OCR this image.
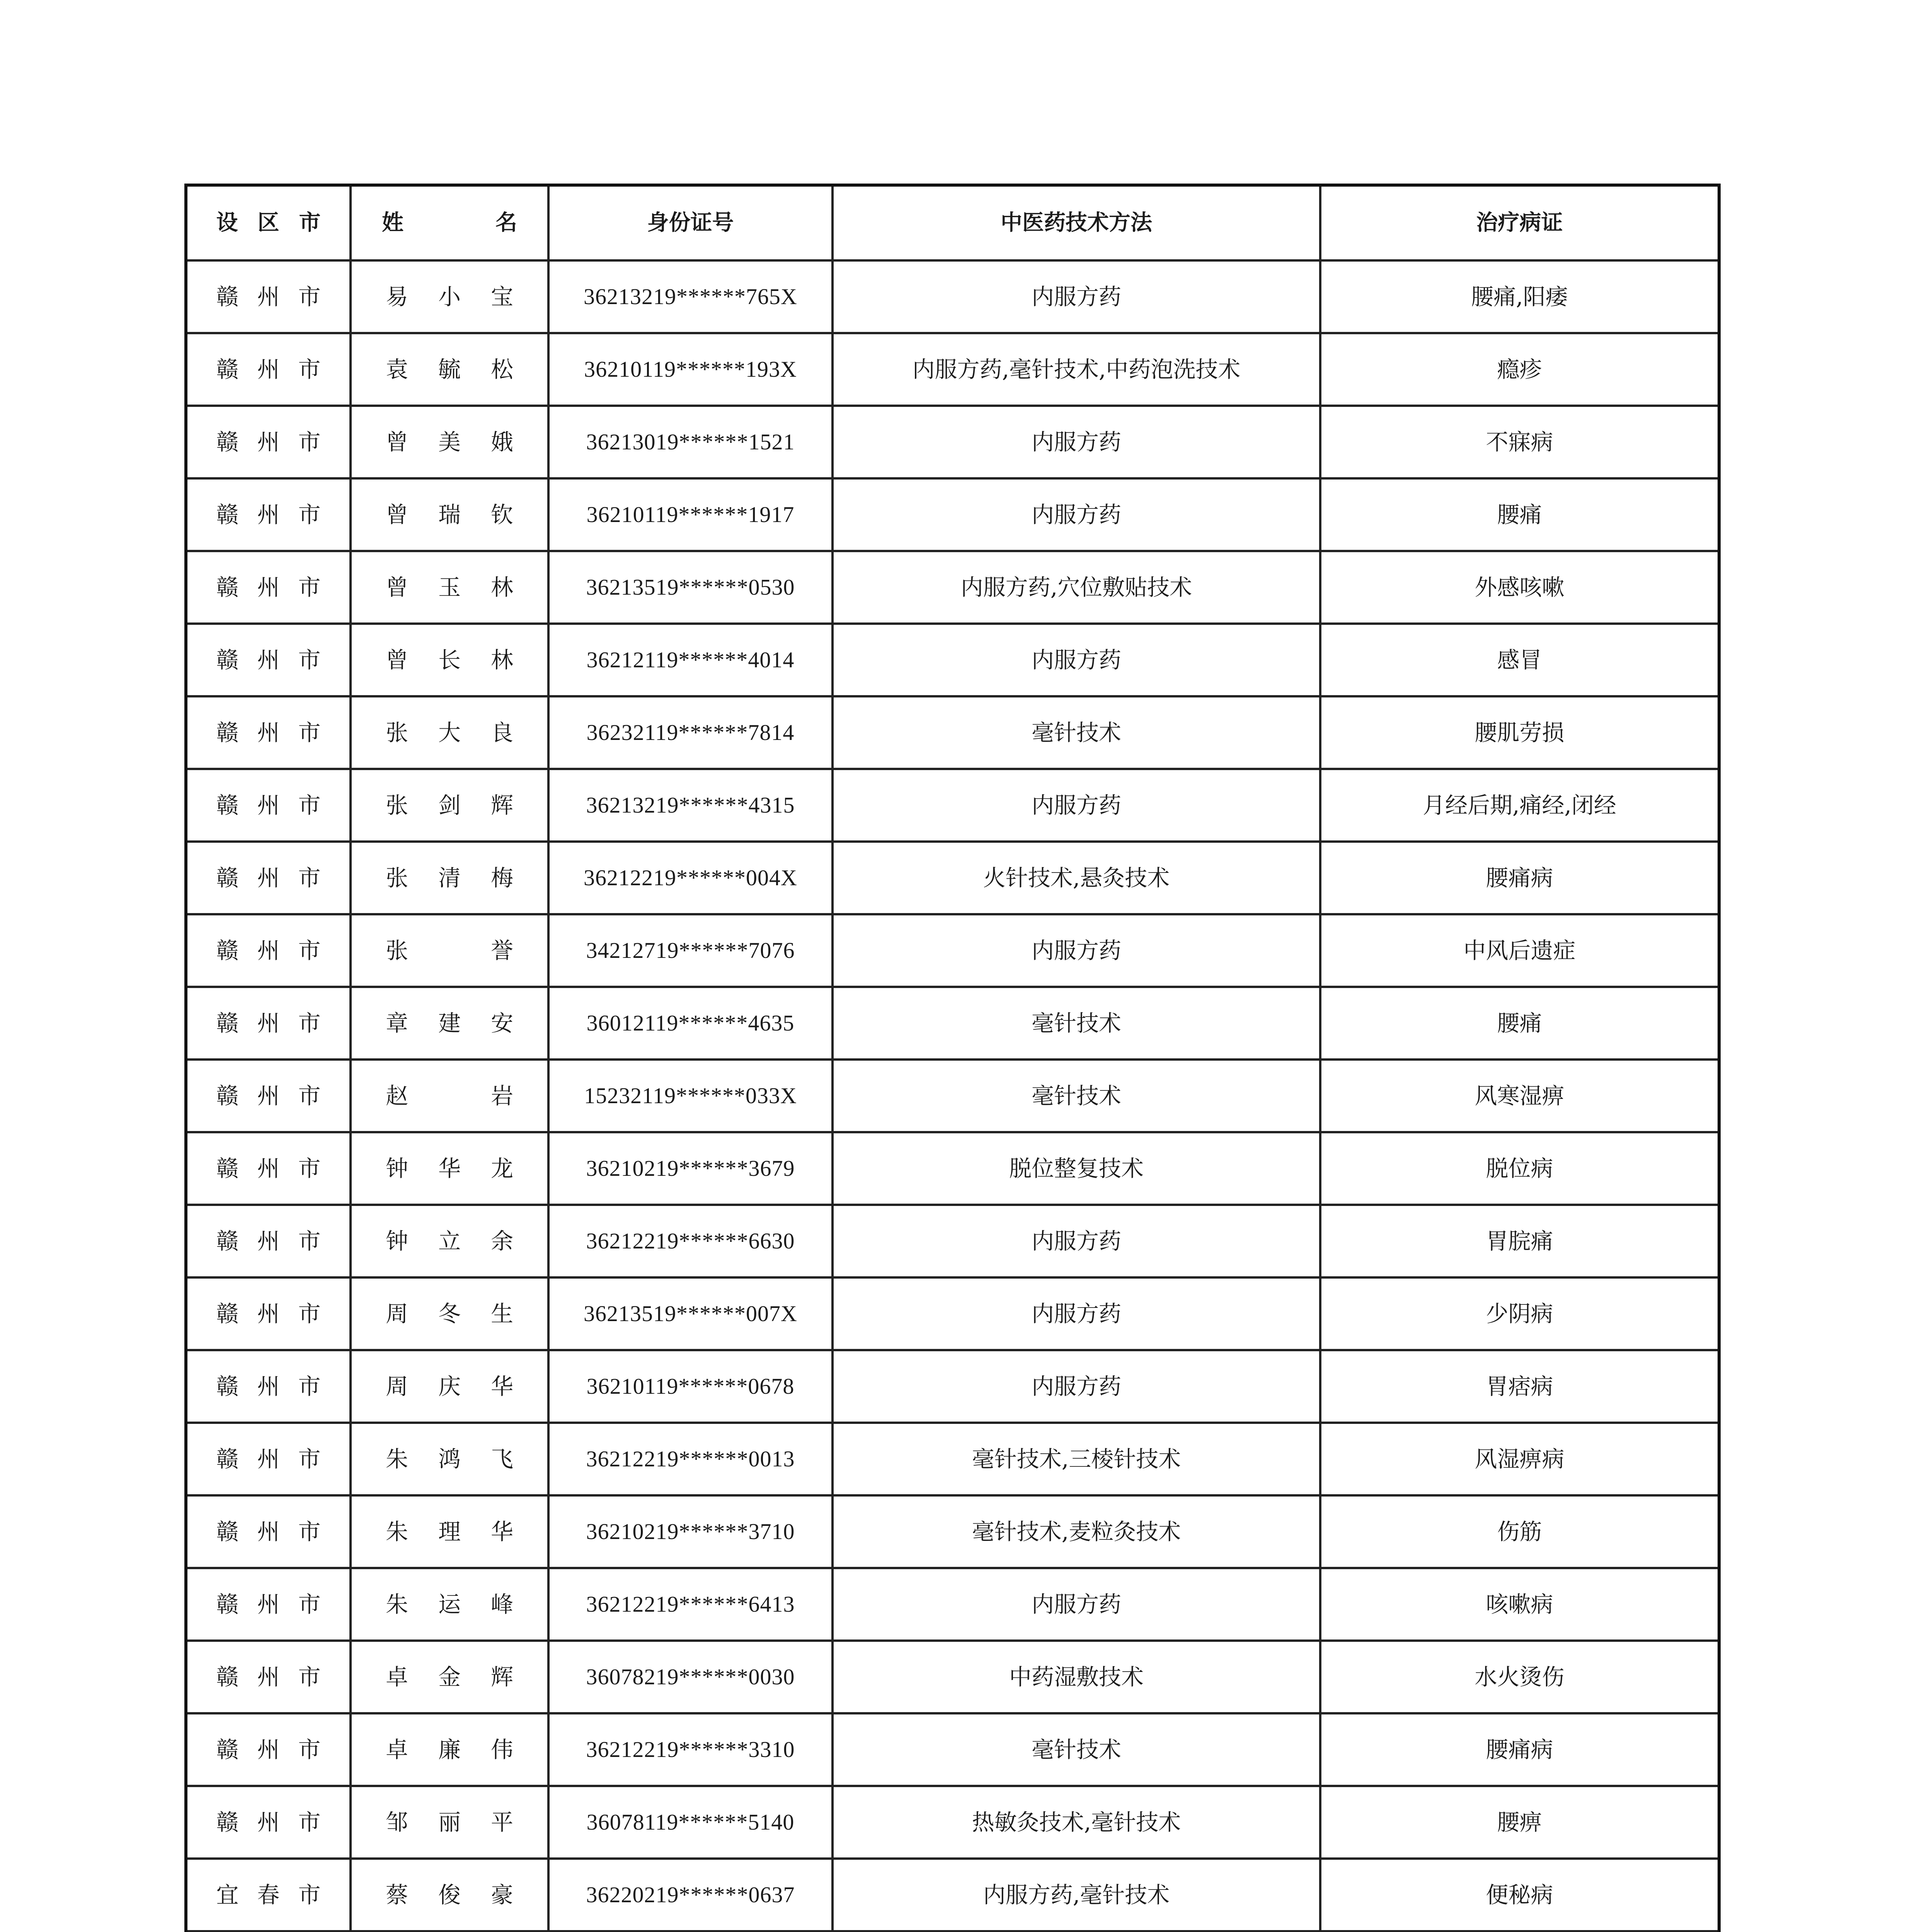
设区市	姓名	身份证号	中医药技术方法	治疗病证

赣州市	易小宝	36213219******765X	内服方药	腰痛,阳痿

赣州市	袁毓松	36210119******193X	内服方药,毫针技术,中药泡洗技术	瘾疹

赣州市	曾美娥	36213019******1521	内服方药	不寐病

赣州市	曾瑞钦	36210119******1917	内服方药	腰痛

赣州市	曾玉林	36213519******0530	内服方药,穴位敷贴技术	外感咳嗽

赣州市	曾长林	36212119******4014	内服方药	感冒

赣州市	张大良	36232119******7814	毫针技术	腰肌劳损

赣州市	张剑辉	36213219******4315	内服方药	月经后期,痛经,闭经

赣州市	张清梅	36212219******004X	火针技术,悬灸技术	腰痛病

赣州市	张誉	34212719******7076	内服方药	中风后遗症

赣州市	章建安	36012119******4635	毫针技术	腰痛

赣州市	赵岩	15232119******033X	毫针技术	风寒湿痹

赣州市	钟华龙	36210219******3679	脱位整复技术	脱位病

赣州市	钟立余	36212219******6630	内服方药	胃脘痛

赣州市	周冬生	36213519******007X	内服方药	少阴病

赣州市	周庆华	36210119******0678	内服方药	胃痞病

赣州市	朱鸿飞	36212219******0013	毫针技术,三棱针技术	风湿痹病

赣州市	朱理华	36210219******3710	毫针技术,麦粒灸技术	伤筋

赣州市	朱运峰	36212219******6413	内服方药	咳嗽病

赣州市	卓金辉	36078219******0030	中药湿敷技术	水火烫伤

赣州市	卓廉伟	36212219******3310	毫针技术	腰痛病

赣州市	邹丽平	36078119******5140	热敏灸技术,毫针技术	腰痹

宜春市	蔡俊豪	36220219******0637	内服方药,毫针技术	便秘病
